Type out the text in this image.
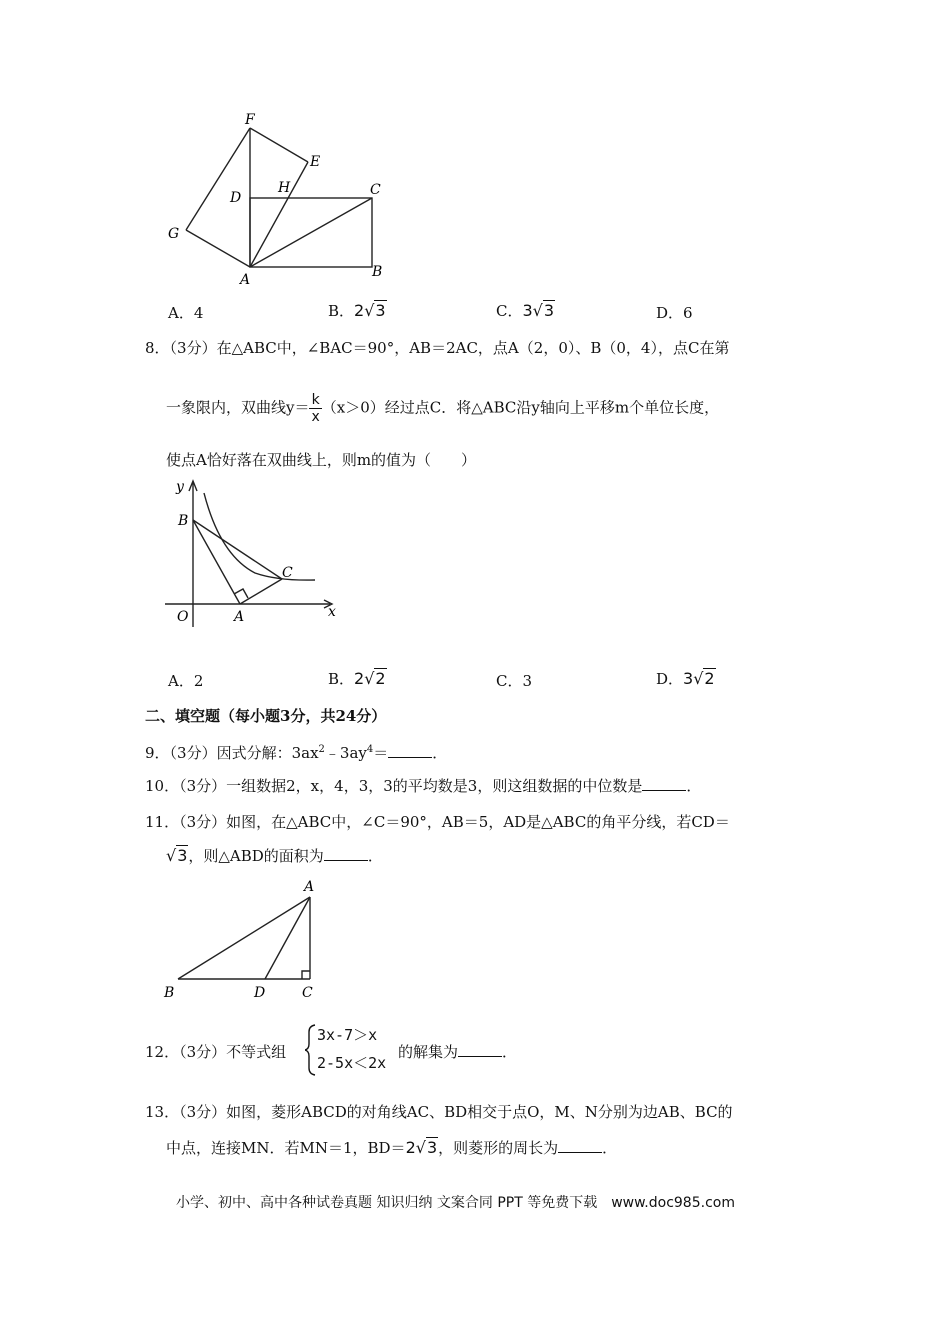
F
E
D
H	C
G
A	B
A．4	B．2√3	C．3√3	D．6
8．（3分）在△ABC中，∠BAC＝90°，AB＝2AC，点A（2，0）、B（0，4），点C在第
一象限内，双曲线$y= \frac{k}{x} (x>0)$经过点C．将△ABC沿y轴向上平移m个单位长度，
使点A恰好落在双曲线上，则m的值为（　　）
y
x
B
C
O	A
A．2	B．2√2	C．3	D．3√2
二、填空题（每小题3分，共24分）
9．（3分）因式分解：$3ax^2﹣3ay^4=$	．
10．（3分）一组数据2，x，4，3，3的平均数是3，则这组数据的中位数是	．
11．（3分）如图，在△ABC中，∠C＝90°，AB＝5，AD是△ABC的角平分线，若CD＝
√3，则△ABD的面积为	．
A
B	D	C
12．（3分）不等式组
3x-7＞x
2-5x＜2x
的解集为	．
13．（3分）如图，菱形ABCD的对角线AC、BD相交于点O，M、N分别为边AB、BC的
中点，连接MN．若MN＝1，BD＝2√3，则菱形的周长为	．
小学、初中、高中各种试卷真题 知识归纳 文案合同 PPT 等免费下载　www.doc985.com
